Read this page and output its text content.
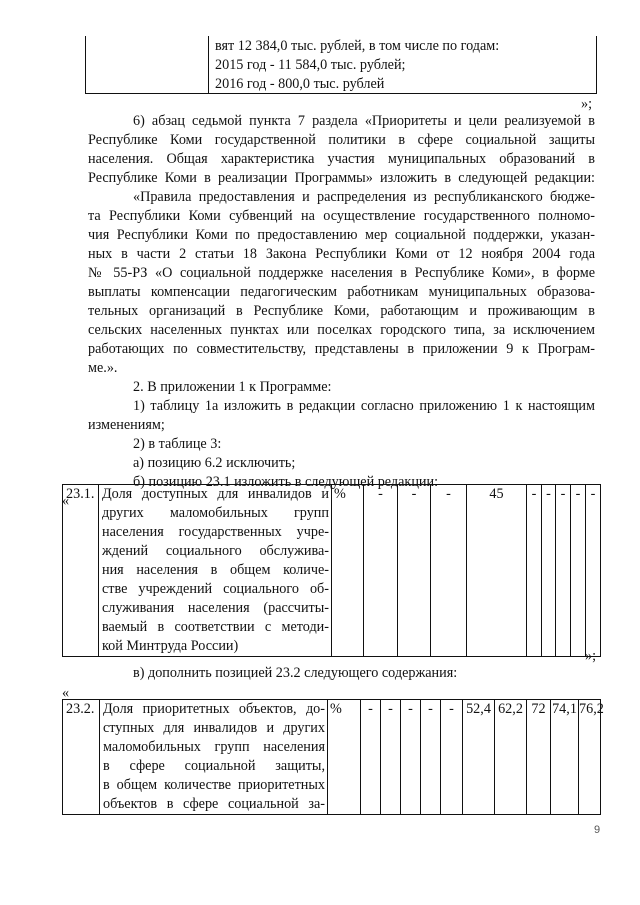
вят 12 384,0 тыс. рублей, в том числе по годам:
2015 год - 11 584,0 тыс. рублей;
2016 год - 800,0 тыс. рублей
»;
6) абзац седьмой пункта 7 раздела «Приоритеты и цели реализуемой в
Республике Коми государственной политики в сфере социальной защиты
населения. Общая характеристика участия муниципальных образований в
Республике Коми в реализации Программы» изложить в следующей редакции:
«Правила предоставления и распределения из республиканского бюдже-
та Республики Коми субвенций на осуществление государственного полномо-
чия Республики Коми по предоставлению мер социальной поддержки, указан-
ных в части 2 статьи 18 Закона Республики Коми от 12 ноября 2004 года
№ 55-РЗ «О социальной поддержке населения в Республике Коми», в форме
выплаты компенсации педагогическим работникам муниципальных образова-
тельных организаций в Республике Коми, работающим и проживающим в
сельских населенных пунктах или поселках городского типа, за исключением
работающих по совместительству, представлены в приложении 9 к Програм-
ме.».
2. В приложении 1 к Программе:
1) таблицу 1а изложить в редакции согласно приложению 1 к настоящим
изменениям;
2) в таблице 3:
а) позицию 6.2 исключить;
б) позицию 23.1 изложить в следующей редакции:
«
23.1.	Доля доступных для инвалидов и
других маломобильных групп
населения государственных учре-
ждений социального обслужива-
ния населения в общем количе-
стве учреждений социального об-
служивания населения (рассчиты-
ваемый в соответствии с методи-
кой Минтруда России)
	%	-	-	-	45	-	-	-	-	-
»;
в) дополнить позицией 23.2 следующего содержания:
«
23.2.	Доля приоритетных объектов, до-
ступных для инвалидов и других
маломобильных групп населения
в сфере социальной защиты,
в общем количестве приоритетных
объектов в сфере социальной за-
	%	-	-	-	-	-	52,4	62,2	72	74,1	76,2
9
